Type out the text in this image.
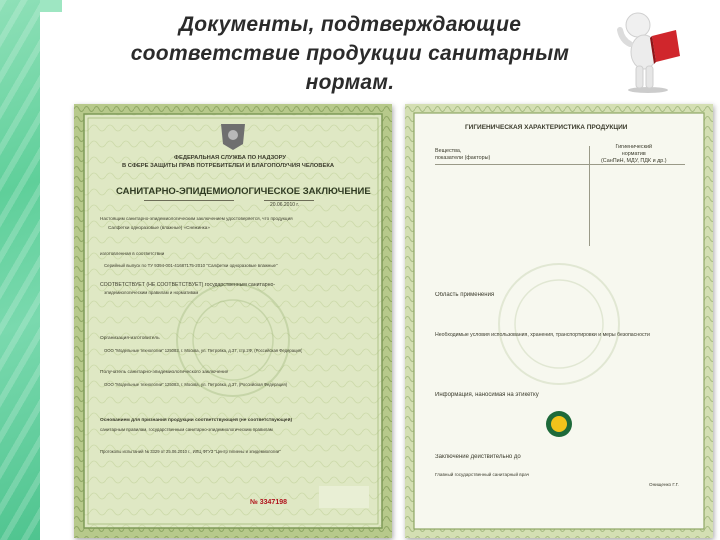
Документы, подтверждающие
соответствие продукции санитарным
нормам.
ФЕДЕРАЛЬНАЯ СЛУЖБА ПО НАДЗОРУ
В СФЕРЕ ЗАЩИТЫ ПРАВ ПОТРЕБИТЕЛЕЙ И БЛАГОПОЛУЧИЯ ЧЕЛОВЕКА
САНИТАРНО-ЭПИДЕМИОЛОГИЧЕСКОЕ ЗАКЛЮЧЕНИЕ
20.06.2010 г.
Настоящим санитарно-эпидемиологическим заключением удостоверяется, что продукция
Салфетки одноразовые (влажные) «Снежинка»
изготовленная в соответствии
Серийный выпуск по ТУ 9394-001-41687175-2010 "Салфетки одноразовые влажные"
СООТВЕТСТВУЕТ (НЕ СООТВЕТСТВУЕТ) государственным санитарно-
эпидемиологическим правилам и нормативам
Организация-изготовитель
ООО "Модельные технологии" 125083, г. Москва, ул. Петровка, д.37, стр.2Ф, (Российская Федерация)
Получатель санитарно-эпидемиологического заключения
ООО "Модельные технологии" 125083, г. Москва, ул. Петровка, д.37, (Российская Федерация)
Основанием для признания продукции соответствующей (не соответствующей)
санитарным правилам, государственным санитарно-эпидемиологическим правилам
Протоколы испытаний № 3329 от 25.06.2010 г., ИЛЦ ФГУЗ "Центр гигиены и эпидемиологии"
№ 3347198
ГИГИЕНИЧЕСКАЯ ХАРАКТЕРИСТИКА ПРОДУКЦИИ
Вещества,
показатели (факторы)
Гигиенический
норматив
(СанПиН, МДУ, ПДК и др.)
Область применения
Необходимые условия использования, хранения, транспортировки и меры безопасности
Информация, наносимая на этикетку
Заключение действительно до
Главный государственный санитарный врач
Онищенко Г.Г.
